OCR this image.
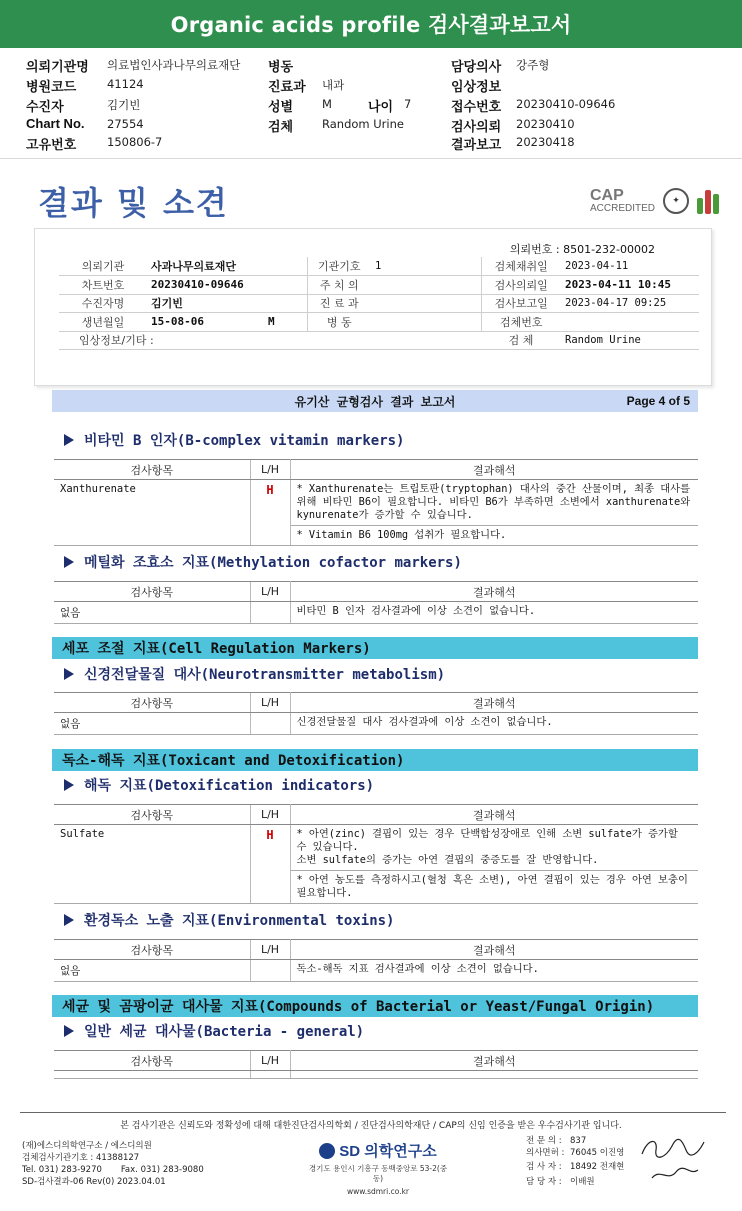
Organic acids profile 검사결과보고서
의뢰기관명 의료법인사과나무의료재단 병동	담당의사 강주형
병원코드	41124	진료과 내과	임상정보
수진자	김기빈	성별	M	나이 7	접수번호 20230410-09646
Chart No. 27554	검체	Random Urine	검사의뢰 20230410
고유번호	150806-7	결과보고 20230418
결과 및 소견	CAP
ACCREDITED
✦
의뢰번호 : 8501-232-00002
의뢰기관	사과나무의료재단	기관기호	1	검체채취일	2023-04-11
차트번호	20230410-09646	주 치 의		검사의뢰일	2023-04-11 10:45
수진자명	김기빈	진 료 과		검사보고일	2023-04-17 09:25
생년월일	15-08-06 M	병 동		검체번호	
임상정보/기타 :				검 체	Random Urine
유기산 균형검사 결과 보고서	Page 4 of 5
비타민 B 인자(B-complex vitamin markers)
검사항목	L/H	결과해석
Xanthurenate	H	* Xanthurenate는 트립토판(tryptophan) 대사의 중간 산물이며, 최종 대사를 위해 비타민 B6이 필요합니다. 비타민 B6가 부족하면 소변에서 xanthurenate와 kynurenate가 증가할 수 있습니다.
		* Vitamin B6 100mg 섭취가 필요합니다.
메틸화 조효소 지표(Methylation cofactor markers)
검사항목	L/H	결과해석
없음		비타민 B 인자 검사결과에 이상 소견이 없습니다.
세포 조절 지표(Cell Regulation Markers)
신경전달물질 대사(Neurotransmitter metabolism)
검사항목	L/H	결과해석
없음		신경전달물질 대사 검사결과에 이상 소견이 없습니다.
독소-해독 지표(Toxicant and Detoxification)
해독 지표(Detoxification indicators)
검사항목	L/H	결과해석
Sulfate	H	* 아연(zinc) 결핍이 있는 경우 단백합성장애로 인해 소변 sulfate가 증가할 수 있습니다.
소변 sulfate의 증가는 아연 결핍의 중증도를 잘 반영합니다.
		* 아연 농도를 측정하시고(혈청 혹은 소변), 아연 결핍이 있는 경우 아연 보충이 필요합니다.
환경독소 노출 지표(Environmental toxins)
검사항목	L/H	결과해석
없음		독소-해독 지표 검사결과에 이상 소견이 없습니다.
세균 및 곰팡이균 대사물 지표(Compounds of Bacterial or Yeast/Fungal Origin)
일반 세균 대사물(Bacteria - general)
검사항목	L/H	결과해석

본 검사기관은 신뢰도와 정확성에 대해 대한진단검사의학회 / 진단검사의학재단 / CAP의 신임 인증을 받은 우수검사기관 입니다.
(재)에스디의학연구소 / 에스디의원
검체검사기관기호 : 41388127
Tel. 031) 283-9270       Fax. 031) 283-9080
SD-검사결과-06 Rev(0) 2023.04.01
SD 의학연구소
경기도 용인시 기흥구 동백중앙로 53-2(중동)
www.sdmri.co.kr
전 문 의 : 837
의사면허 : 76045 이진영
검 사 자 : 18492 전재현
담 당 자 : 이배원
